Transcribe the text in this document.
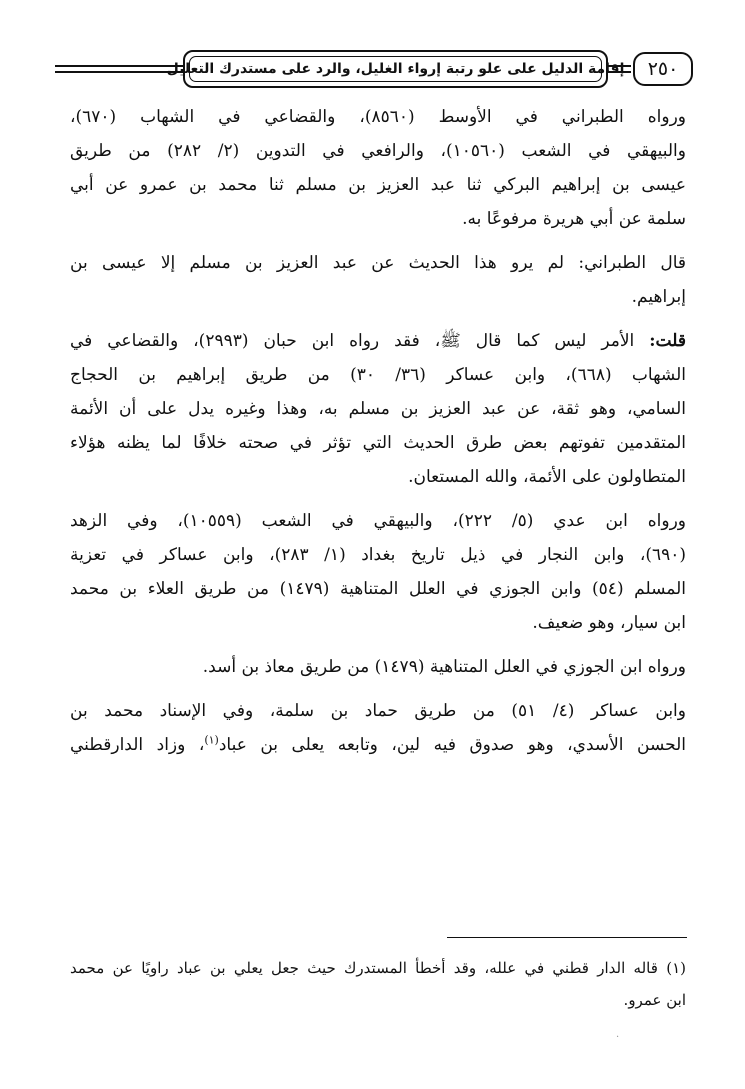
إقامة الدليل على علو رتبة إرواء الغليل، والرد على مستدرك التعليل	٢٥٠

ورواه الطبراني في الأوسط (٨٥٦٠)، والقضاعي في الشهاب (٦٧٠)،
والبيهقي في الشعب (١٠٥٦٠)، والرافعي في التدوين (٢/ ٢٨٢) من طريق
عيسى بن إبراهيم البركي ثنا عبد العزيز بن مسلم ثنا محمد بن عمرو عن أبي
سلمة عن أبي هريرة مرفوعًا به.

قال الطبراني: لم يرو هذا الحديث عن عبد العزيز بن مسلم إلا عيسى بن
إبراهيم.

قلت: الأمر ليس كما قال ﷺ، فقد رواه ابن حبان (٢٩٩٣)، والقضاعي في
الشهاب (٦٦٨)، وابن عساكر (٣٦/ ٣٠) من طريق إبراهيم بن الحجاج
السامي، وهو ثقة، عن عبد العزيز بن مسلم به، وهذا وغيره يدل على أن الأئمة
المتقدمين تفوتهم بعض طرق الحديث التي تؤثر في صحته خلافًا لما يظنه هؤلاء
المتطاولون على الأئمة، والله المستعان.

ورواه ابن عدي (٥/ ٢٢٢)، والبيهقي في الشعب (١٠٥٥٩)، وفي الزهد
(٦٩٠)، وابن النجار في ذيل تاريخ بغداد (١/ ٢٨٣)، وابن عساكر في تعزية
المسلم (٥٤) وابن الجوزي في العلل المتناهية (١٤٧٩) من طريق العلاء بن محمد
ابن سيار، وهو ضعيف.

ورواه ابن الجوزي في العلل المتناهية (١٤٧٩) من طريق معاذ بن أسد.

وابن عساكر (٤/ ٥١) من طريق حماد بن سلمة، وفي الإسناد محمد بن
الحسن الأسدي، وهو صدوق فيه لين، وتابعه يعلى بن عباد$^{(١)}$، وزاد الدارقطني

(١) قاله الدار قطني في علله، وقد أخطأ المستدرك حيث جعل يعلي بن عباد راويًا عن محمد
ابن عمرو.
·
